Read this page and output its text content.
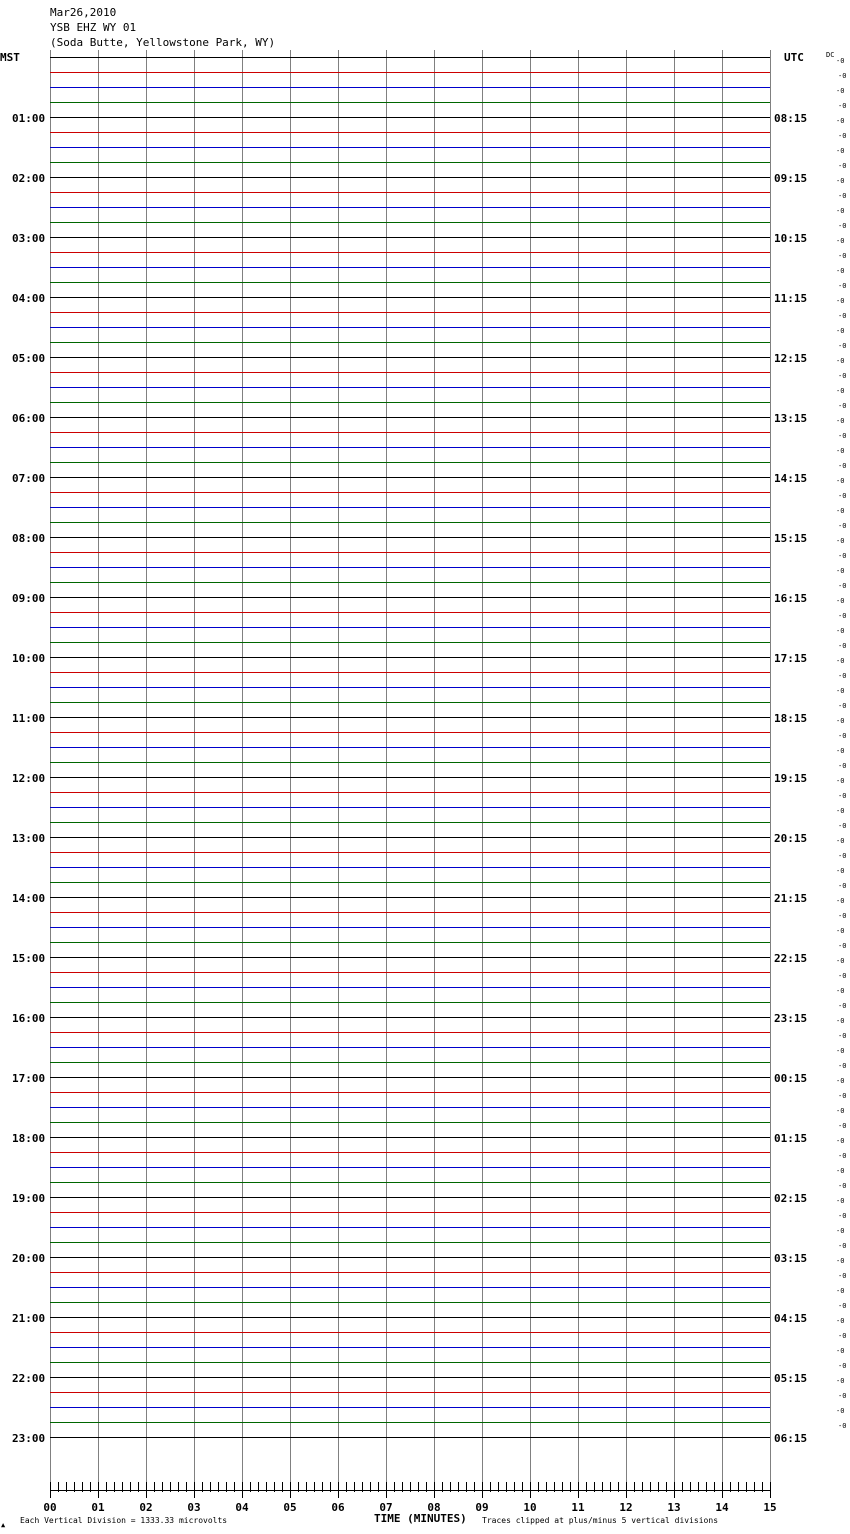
Mar26,2010
YSB EHZ WY 01
(Soda Butte, Yellowstone Park, WY)
MST	UTC	DC
01:00
02:00
03:00
04:00
05:00
06:00
07:00
08:00
09:00
10:00
11:00
12:00
13:00
14:00
15:00
16:00
17:00
18:00
19:00
20:00
21:00
22:00
23:00
08:15
09:15
10:15
11:15
12:15
13:15
14:15
15:15
16:15
17:15
18:15
19:15
20:15
21:15
22:15
23:15
00:15
01:15
02:15
03:15
04:15
05:15
06:15
-0
-0
-0
-0
-0
-0
-0
-0
-0
-0
-0
-0
-0
-0
-0
-0
-0
-0
-0
-0
-0
-0
-0
-0
-0
-0
-0
-0
-0
-0
-0
-0
-0
-0
-0
-0
-0
-0
-0
-0
-0
-0
-0
-0
-0
-0
-0
-0
-0
-0
-0
-0
-0
-0
-0
-0
-0
-0
-0
-0
-0
-0
-0
-0
-0
-0
-0
-0
-0
-0
-0
-0
-0
-0
-0
-0
-0
-0
-0
-0
-0
-0
-0
-0
-0
-0
-0
-0
-0
-0
-0
-0
00	01	02	03	04	05	06	07	08	09	10	11	12	13	14	15
▲ Each Vertical Division = 1333.33 microvolts	TIME (MINUTES) Traces clipped at plus/minus 5 vertical divisions
